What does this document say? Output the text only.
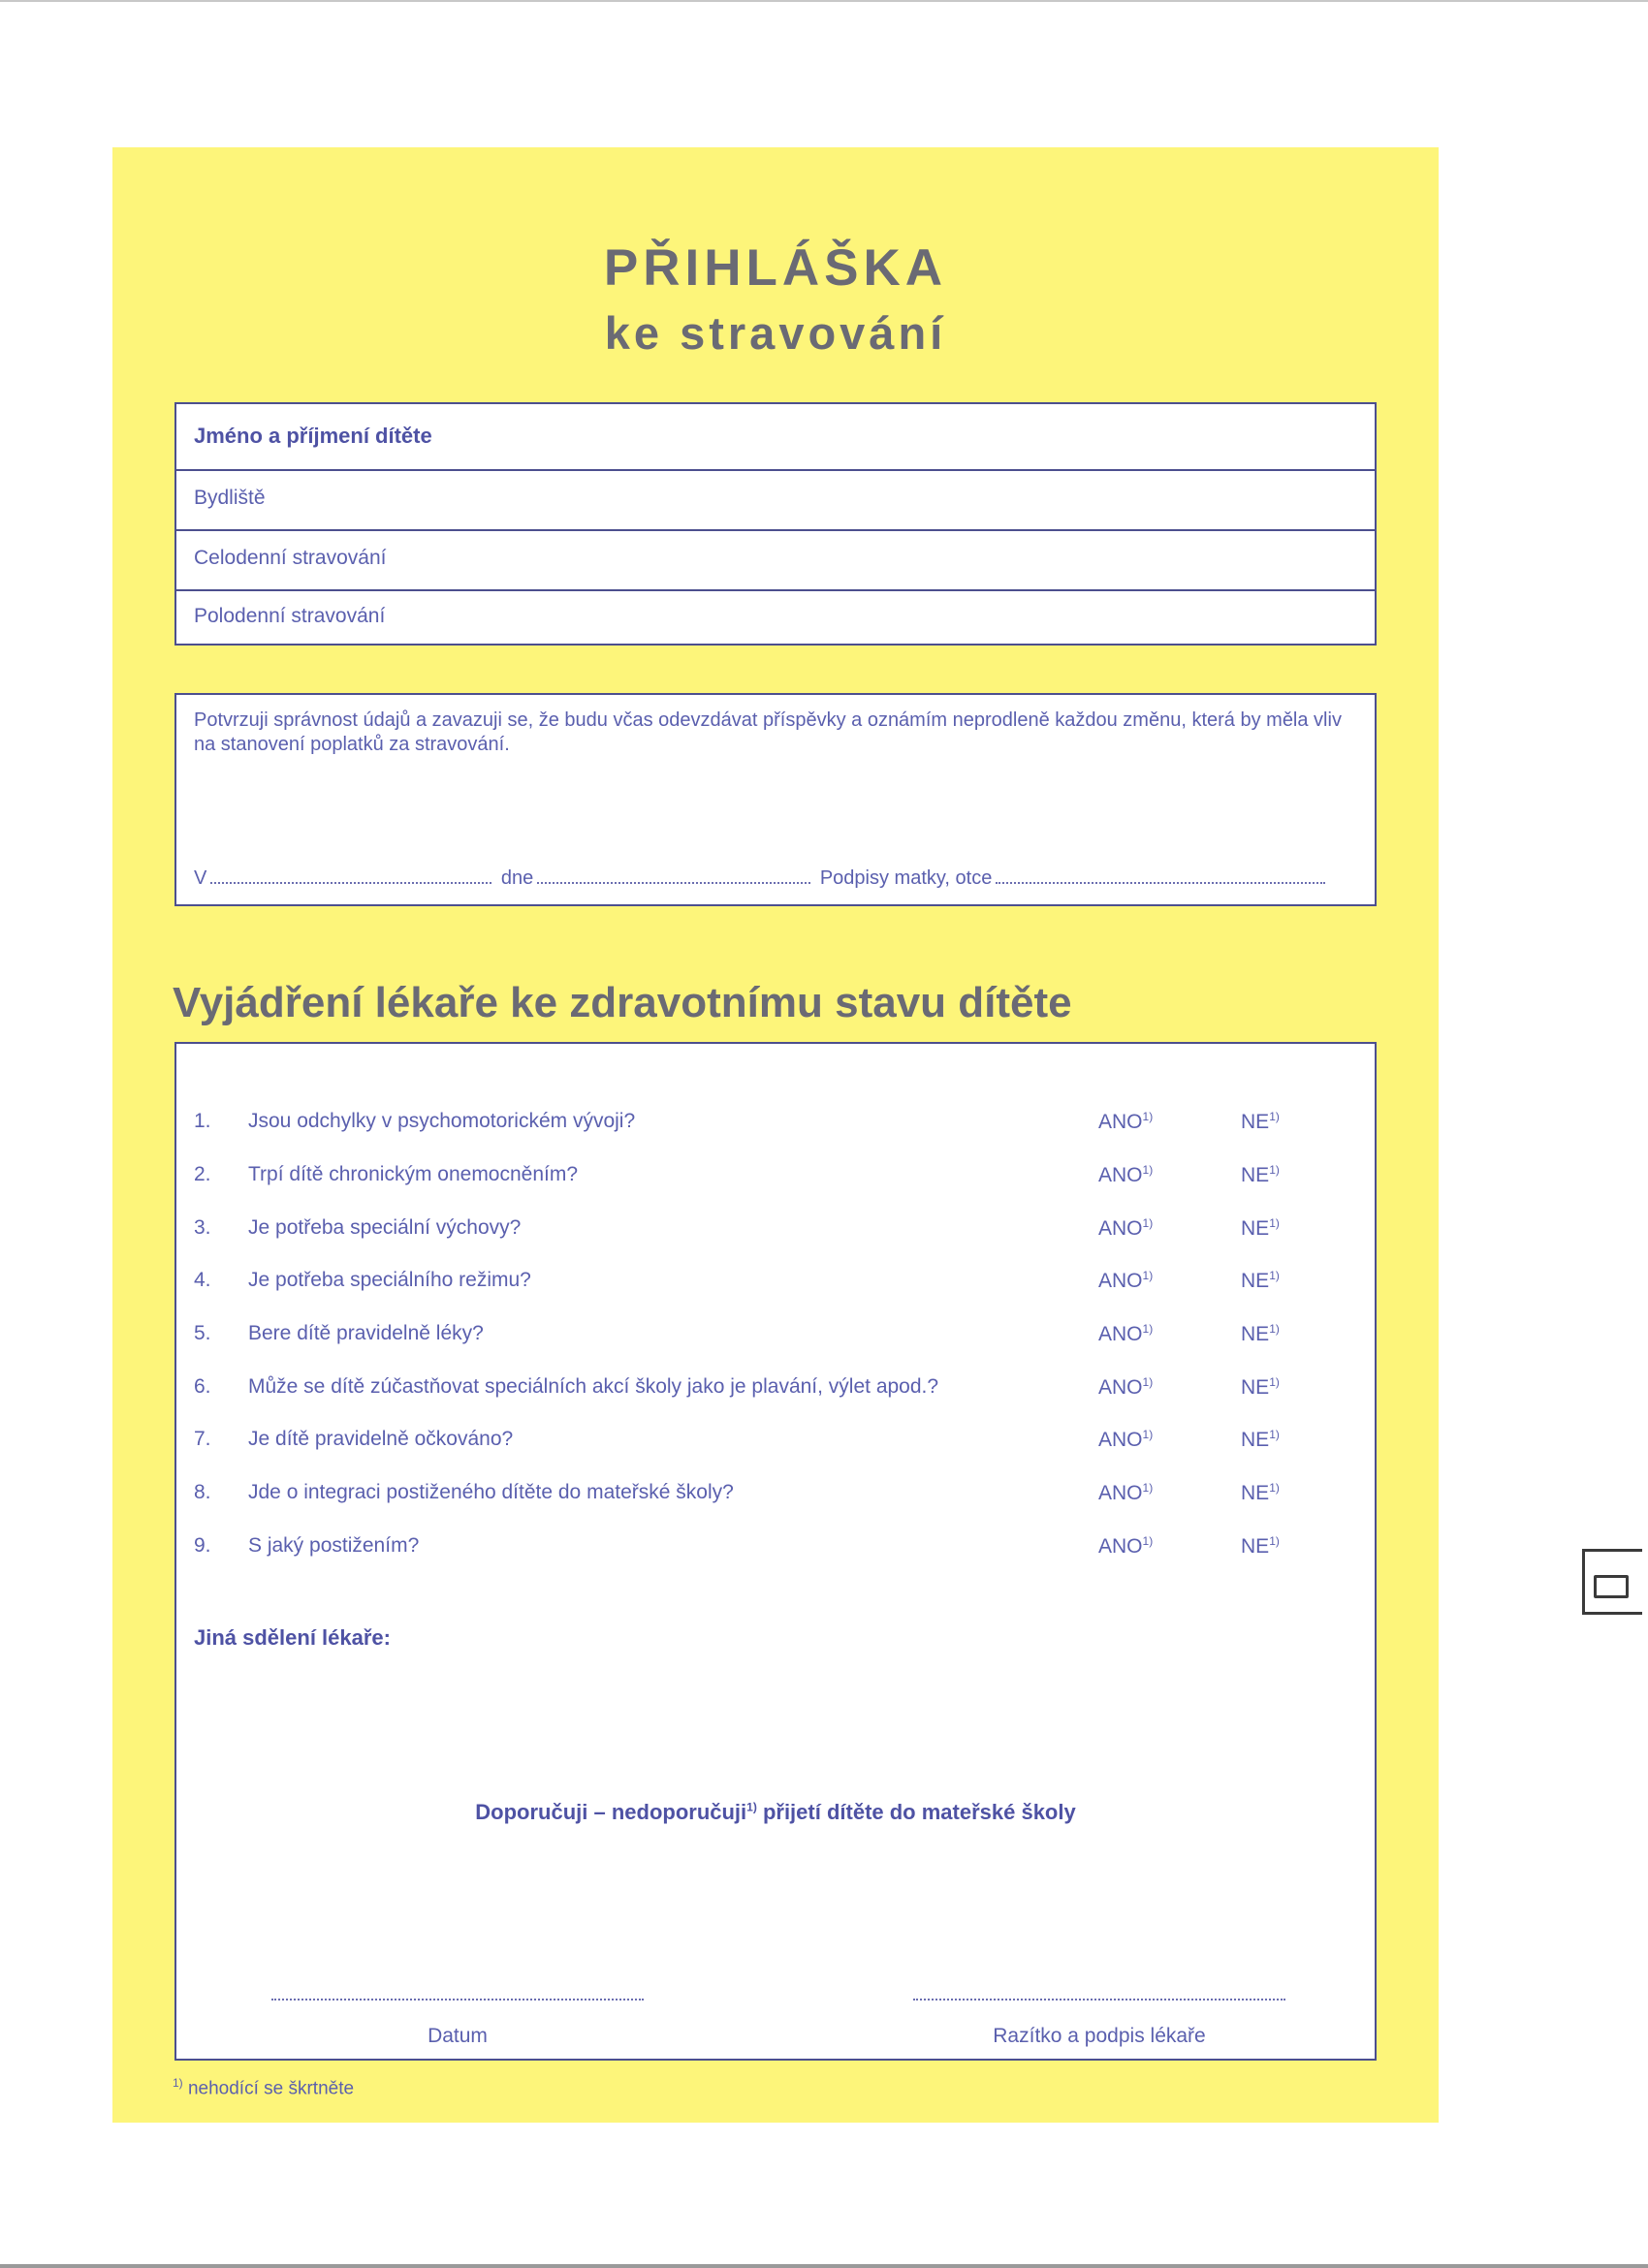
PŘIHLÁŠKA
ke stravování
Jméno a příjmení dítěte
Bydliště
Celodenní stravování
Polodenní stravování
Potvrzuji správnost údajů a zavazuji se, že budu včas odevzdávat příspěvky a oznámím neprodleně každou změnu, která by měla vliv na stanovení poplatků za stravování.
V	dne	Podpisy matky, otce
Vyjádření lékaře ke zdravotnímu stavu dítěte
1. Jsou odchylky v psychomotorickém vývoji?	ANO$^{1)}$	NE$^{1)}$
2. Trpí dítě chronickým onemocněním?	ANO$^{1)}$	NE$^{1)}$
3. Je potřeba speciální výchovy?	ANO$^{1)}$	NE$^{1)}$
4. Je potřeba speciálního režimu?	ANO$^{1)}$	NE$^{1)}$
5. Bere dítě pravidelně léky?	ANO$^{1)}$	NE$^{1)}$
6. Může se dítě zúčastňovat speciálních akcí školy jako je plavání, výlet apod.?	ANO$^{1)}$	NE$^{1)}$
7. Je dítě pravidelně očkováno?	ANO$^{1)}$	NE$^{1)}$
8. Jde o integraci postiženého dítěte do mateřské školy?	ANO$^{1)}$	NE$^{1)}$
9. S jaký postižením?	ANO$^{1)}$	NE$^{1)}$
Jiná sdělení lékaře:
Doporučuji – nedoporučuji$^{1)}$ přijetí dítěte do mateřské školy
Datum	Razítko a podpis lékaře
$^{1)}$ nehodící se škrtněte
